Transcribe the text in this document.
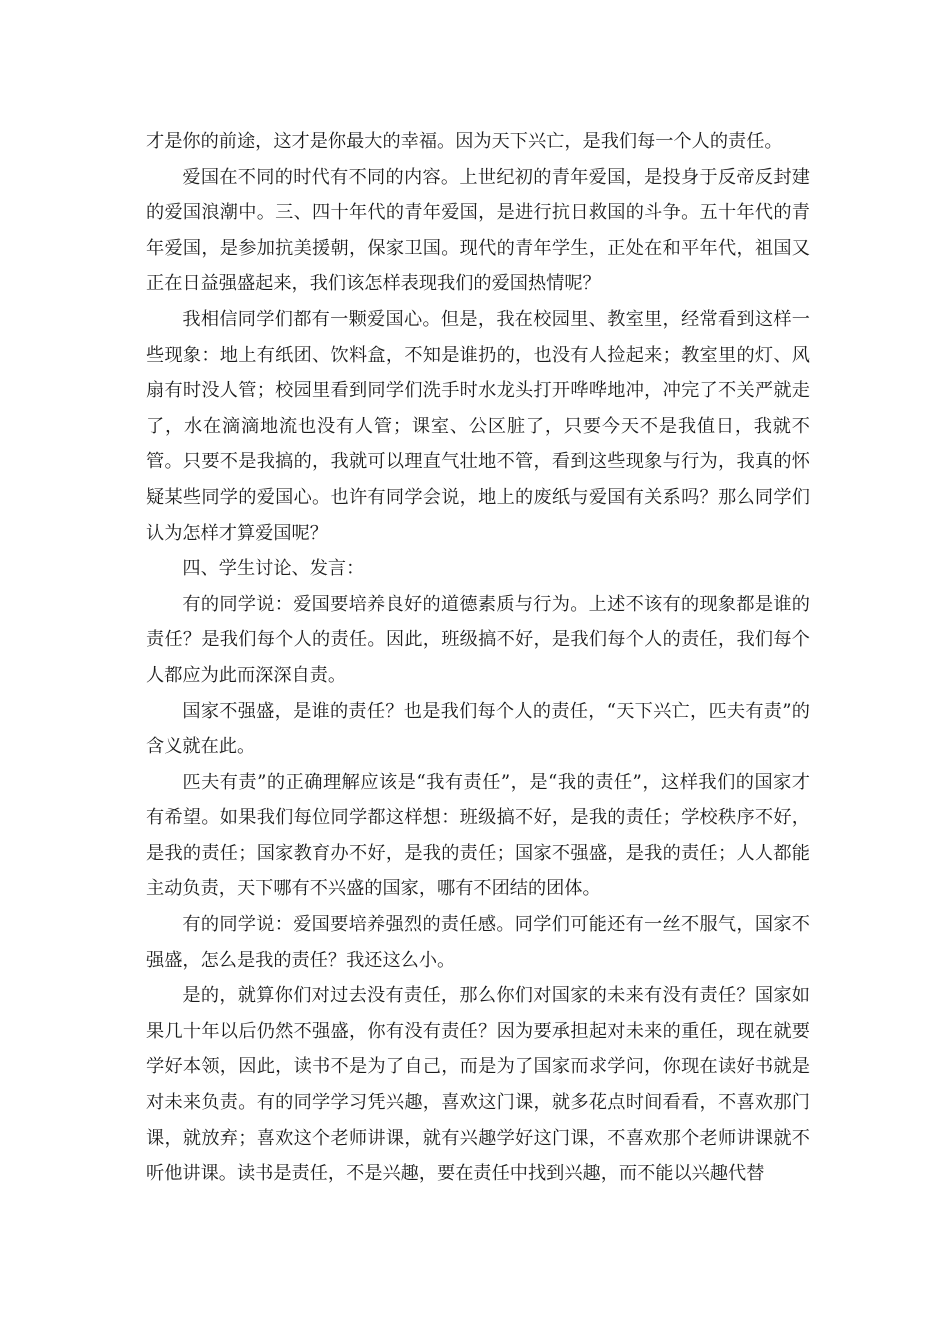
才是你的前途，这才是你最大的幸福。因为天下兴亡，是我们每一个人的责任。

爱国在不同的时代有不同的内容。上世纪初的青年爱国，是投身于反帝反封建的爱国浪潮中。三、四十年代的青年爱国，是进行抗日救国的斗争。五十年代的青年爱国，是参加抗美援朝，保家卫国。现代的青年学生，正处在和平年代，祖国又正在日益强盛起来，我们该怎样表现我们的爱国热情呢？

我相信同学们都有一颗爱国心。但是，我在校园里、教室里，经常看到这样一些现象：地上有纸团、饮料盒，不知是谁扔的，也没有人捡起来；教室里的灯、风扇有时没人管；校园里看到同学们洗手时水龙头打开哗哗地冲，冲完了不关严就走了，水在滴滴地流也没有人管；课室、公区脏了，只要今天不是我值日，我就不管。只要不是我搞的，我就可以理直气壮地不管，看到这些现象与行为，我真的怀疑某些同学的爱国心。也许有同学会说，地上的废纸与爱国有关系吗？那么同学们认为怎样才算爱国呢？

四、学生讨论、发言：

有的同学说：爱国要培养良好的道德素质与行为。上述不该有的现象都是谁的责任？是我们每个人的责任。因此，班级搞不好，是我们每个人的责任，我们每个人都应为此而深深自责。

国家不强盛，是谁的责任？也是我们每个人的责任，“天下兴亡，匹夫有责”的含义就在此。

匹夫有责”的正确理解应该是“我有责任”，是“我的责任”，这样我们的国家才有希望。如果我们每位同学都这样想：班级搞不好，是我的责任；学校秩序不好，是我的责任；国家教育办不好，是我的责任；国家不强盛，是我的责任；人人都能主动负责，天下哪有不兴盛的国家，哪有不团结的团体。

有的同学说：爱国要培养强烈的责任感。同学们可能还有一丝不服气，国家不强盛，怎么是我的责任？我还这么小。

是的，就算你们对过去没有责任，那么你们对国家的未来有没有责任？国家如果几十年以后仍然不强盛，你有没有责任？因为要承担起对未来的重任，现在就要学好本领，因此，读书不是为了自己，而是为了国家而求学问，你现在读好书就是对未来负责。有的同学学习凭兴趣，喜欢这门课，就多花点时间看看，不喜欢那门课，就放弃；喜欢这个老师讲课，就有兴趣学好这门课，不喜欢那个老师讲课就不听他讲课。读书是责任，不是兴趣，要在责任中找到兴趣，而不能以兴趣代替
